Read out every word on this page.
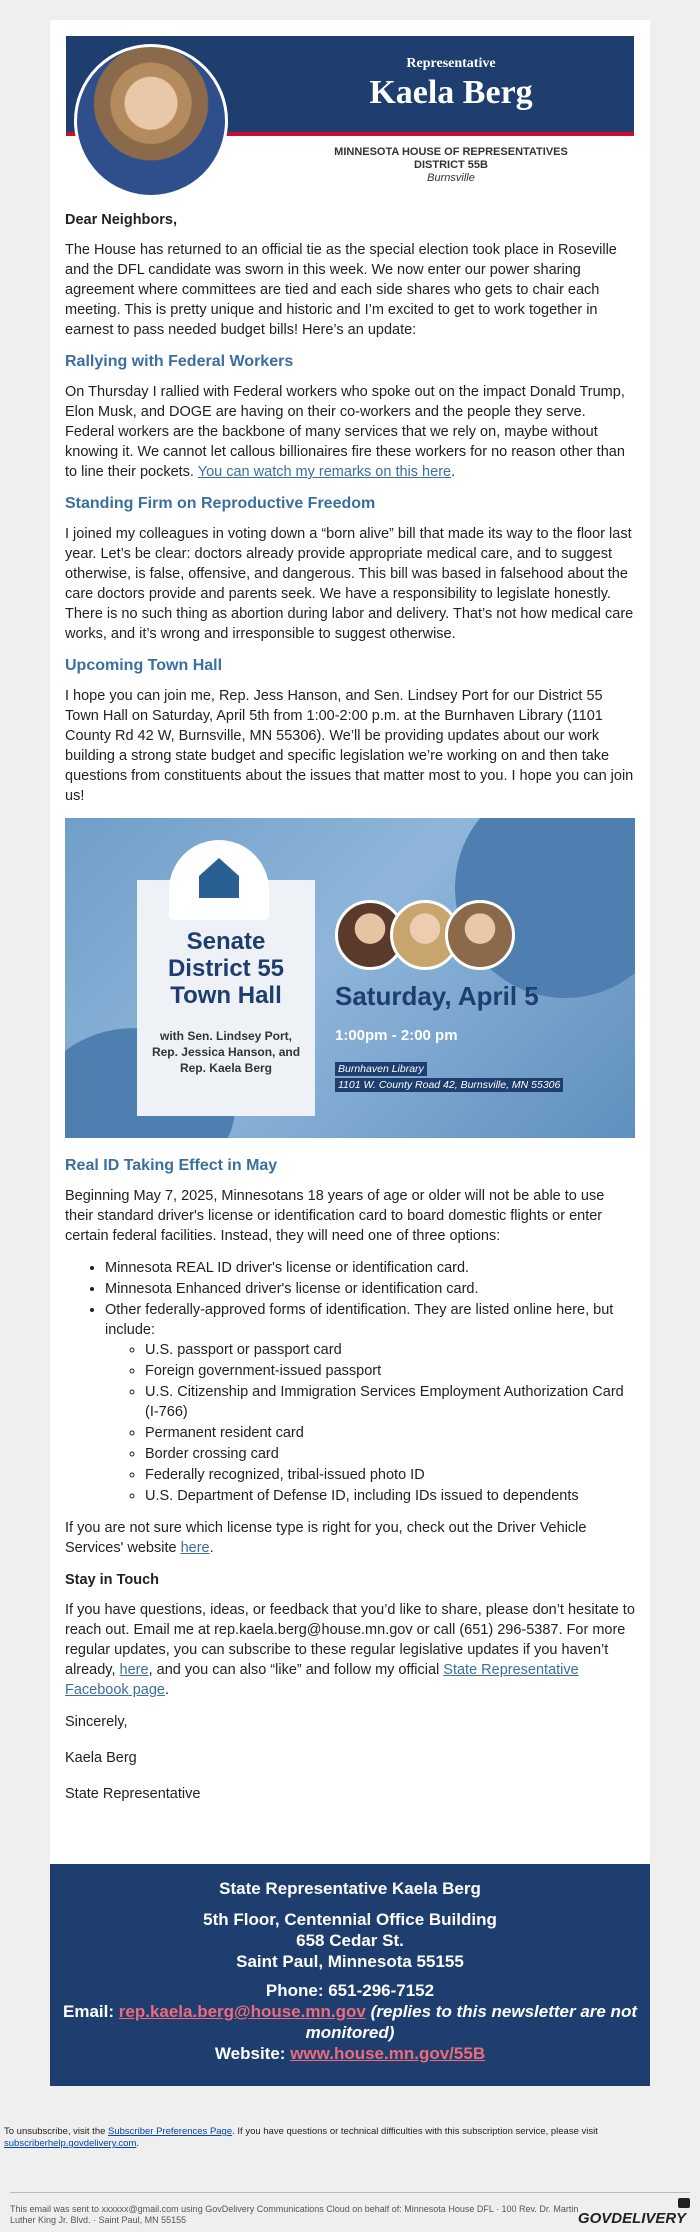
Representative
Kaela Berg
MINNESOTA HOUSE OF REPRESENTATIVES
DISTRICT 55B
Burnsville

Dear Neighbors,

The House has returned to an official tie as the special election took place in Roseville and the DFL candidate was sworn in this week. We now enter our power sharing agreement where committees are tied and each side shares who gets to chair each meeting. This is pretty unique and historic and I’m excited to get to work together in earnest to pass needed budget bills! Here’s an update:

Rallying with Federal Workers

On Thursday I rallied with Federal workers who spoke out on the impact Donald Trump, Elon Musk, and DOGE are having on their co-workers and the people they serve. Federal workers are the backbone of many services that we rely on, maybe without knowing it. We cannot let callous billionaires fire these workers for no reason other than to line their pockets. You can watch my remarks on this here.

Standing Firm on Reproductive Freedom

I joined my colleagues in voting down a “born alive” bill that made its way to the floor last year. Let’s be clear: doctors already provide appropriate medical care, and to suggest otherwise, is false, offensive, and dangerous. This bill was based in falsehood about the care doctors provide and parents seek. We have a responsibility to legislate honestly. There is no such thing as abortion during labor and delivery. That’s not how medical care works, and it’s wrong and irresponsible to suggest otherwise.

Upcoming Town Hall

I hope you can join me, Rep. Jess Hanson, and Sen. Lindsey Port for our District 55 Town Hall on Saturday, April 5th from 1:00-2:00 p.m. at the Burnhaven Library (1101 County Rd 42 W, Burnsville, MN 55306). We’ll be providing updates about our work building a strong state budget and specific legislation we’re working on and then take questions from constituents about the issues that matter most to you. I hope you can join us!

Senate
District 55
Town Hall
with Sen. Lindsey Port,
Rep. Jessica Hanson, and
Rep. Kaela Berg
Saturday, April 5
1:00pm - 2:00 pm
Burnhaven Library
1101 W. County Road 42, Burnsville, MN 55306
Real ID Taking Effect in May

Beginning May 7, 2025, Minnesotans 18 years of age or older will not be able to use their standard driver's license or identification card to board domestic flights or enter certain federal facilities. Instead, they will need one of three options:

• Minnesota REAL ID driver's license or identification card.
• Minnesota Enhanced driver's license or identification card.
• Other federally-approved forms of identification. They are listed online here, but include:
◦ U.S. passport or passport card
◦ Foreign government-issued passport
◦ U.S. Citizenship and Immigration Services Employment Authorization Card (I-766)
◦ Permanent resident card
◦ Border crossing card
◦ Federally recognized, tribal-issued photo ID
◦ U.S. Department of Defense ID, including IDs issued to dependents

If you are not sure which license type is right for you, check out the Driver Vehicle Services' website here.

Stay in Touch

If you have questions, ideas, or feedback that you’d like to share, please don’t hesitate to reach out. Email me at rep.kaela.berg@house.mn.gov or call (651) 296-5387. For more regular updates, you can subscribe to these regular legislative updates if you haven’t already, here, and you can also “like” and follow my official State Representative Facebook page.

Sincerely,

Kaela Berg

State Representative

State Representative Kaela Berg
5th Floor, Centennial Office Building
658 Cedar St.
Saint Paul, Minnesota 55155
Phone: 651-296-7152
Email: rep.kaela.berg@house.mn.gov (replies to this newsletter are not monitored)
Website: www.house.mn.gov/55B
To unsubscribe, visit the Subscriber Preferences Page. If you have questions or technical difficulties with this subscription service, please visit subscriberhelp.govdelivery.com.
This email was sent to xxxxxx@gmail.com using GovDelivery Communications Cloud on behalf of: Minnesota House DFL · 100 Rev. Dr. Martin Luther King Jr. Blvd. · Saint Paul, MN 55155	GOVDELIVERY
